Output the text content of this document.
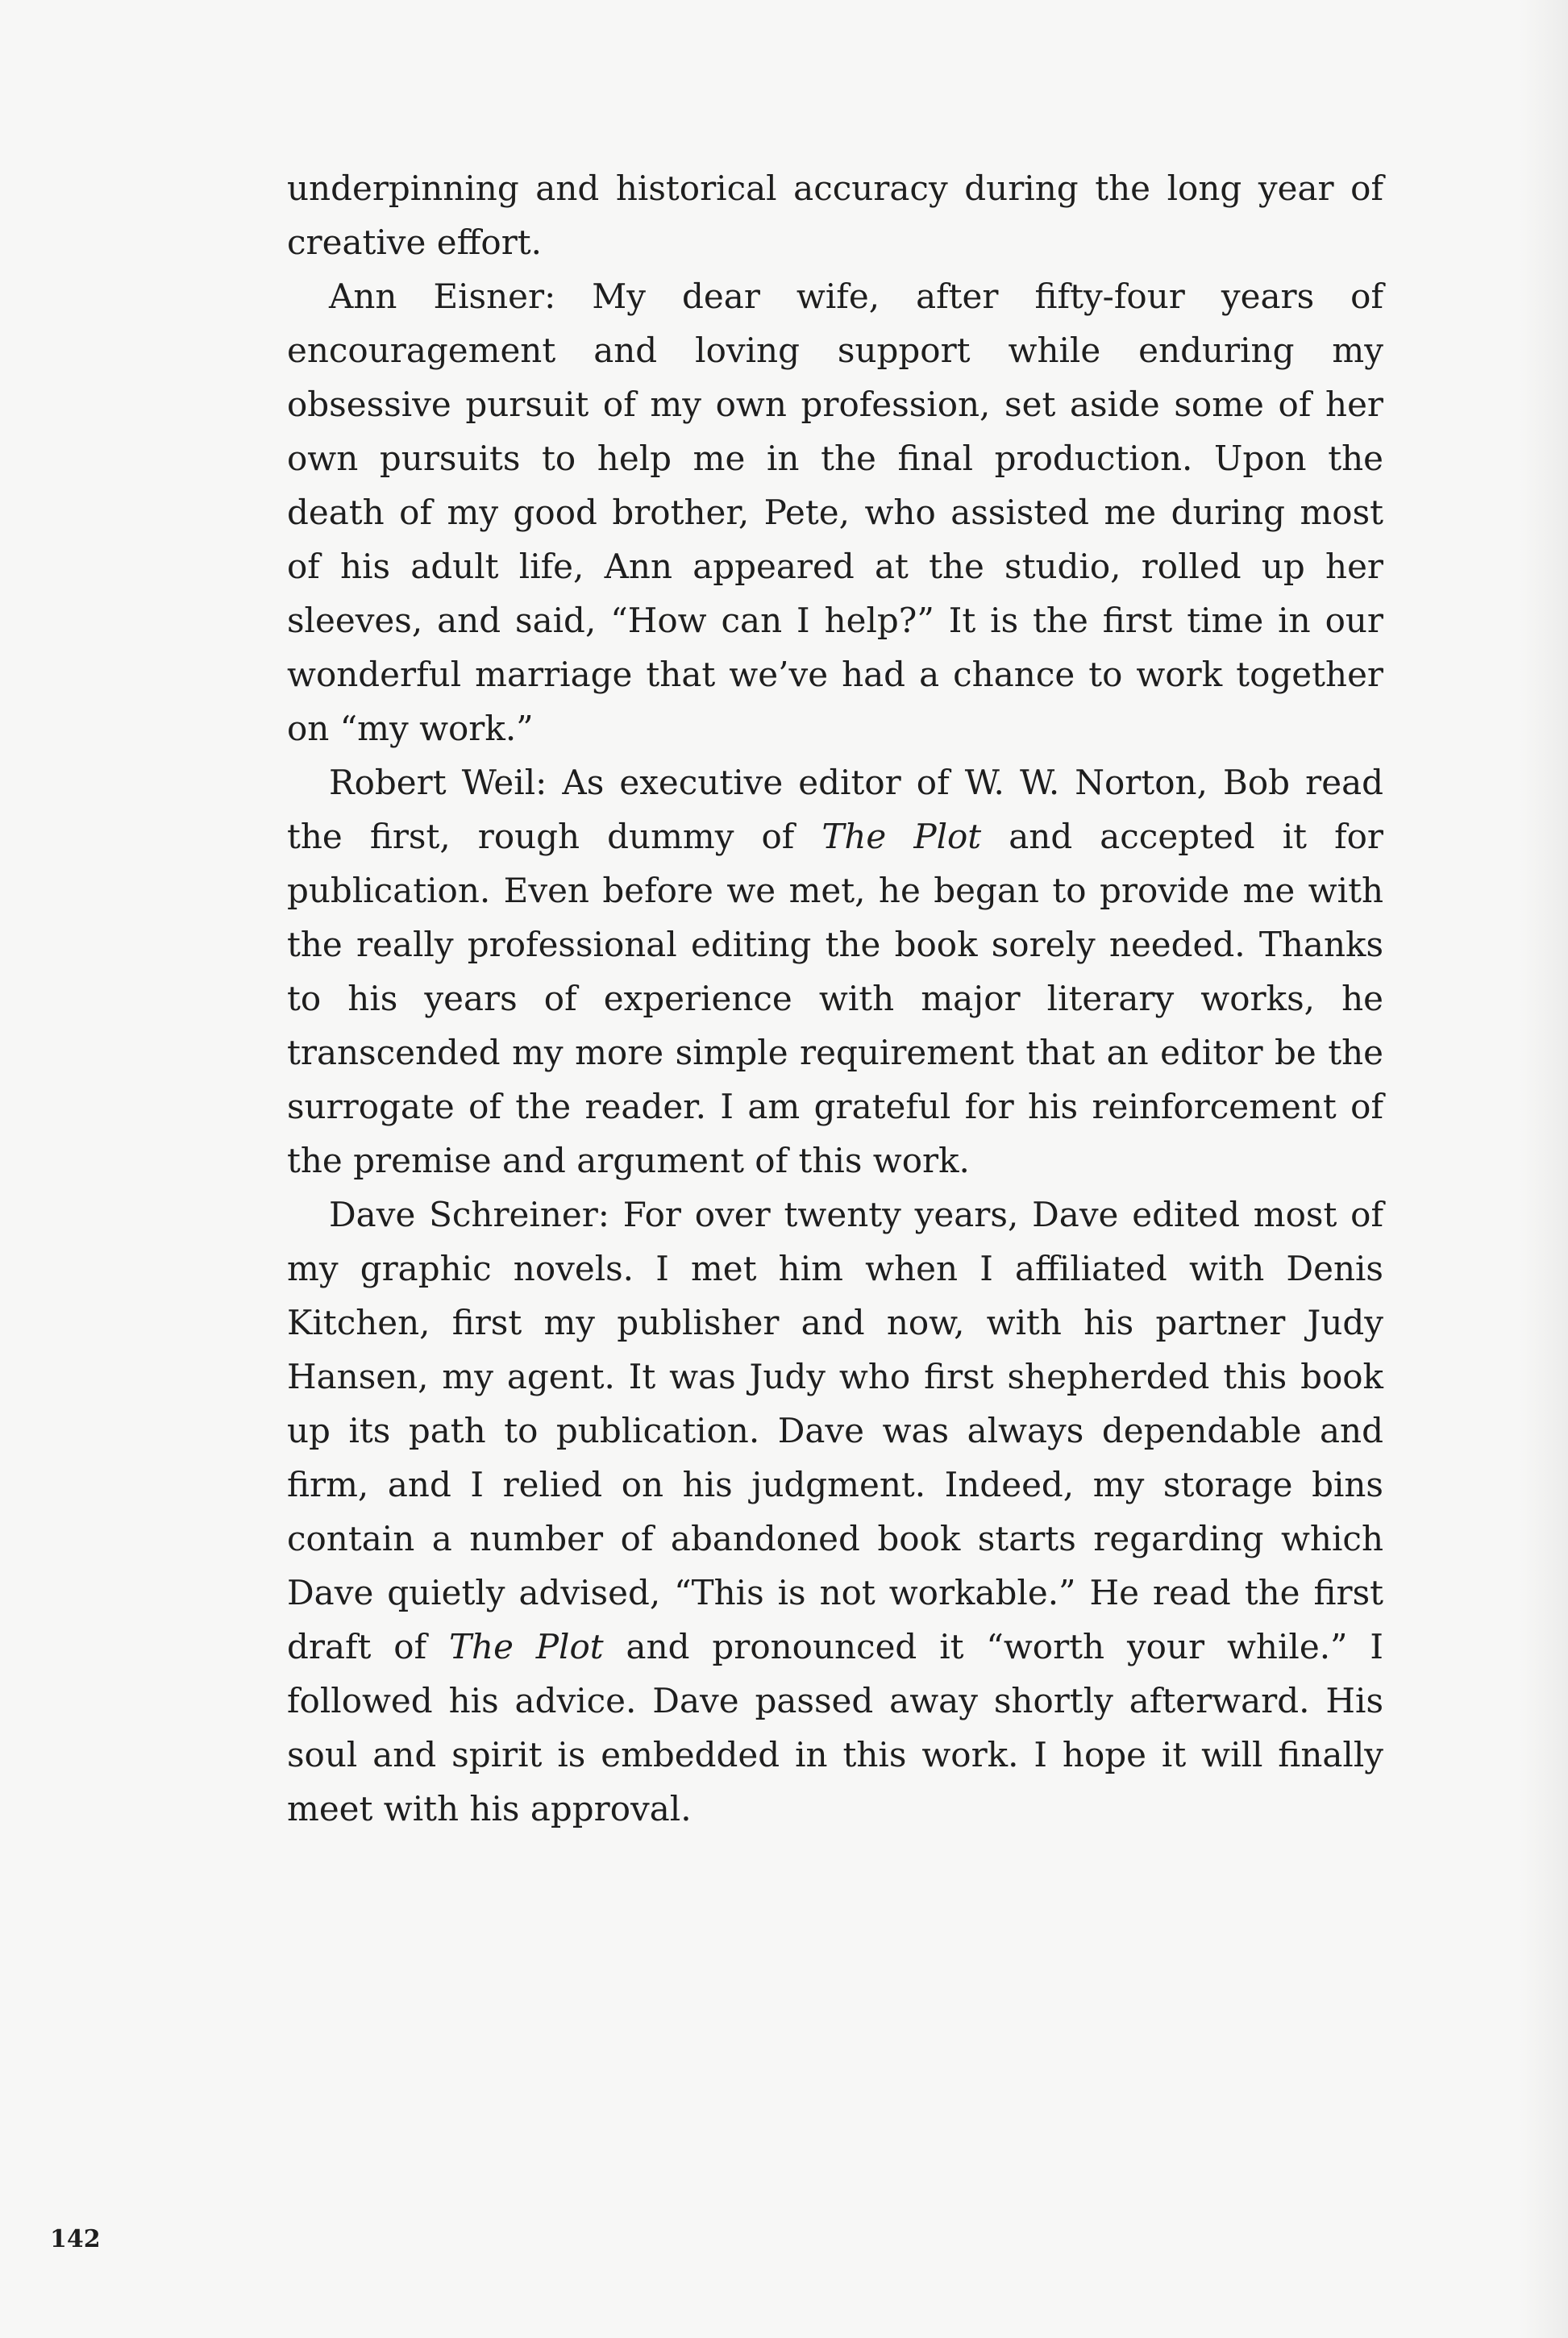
underpinning and historical accuracy during the long year of creative effort.

Ann Eisner: My dear wife, after fifty-four years of encouragement and loving support while enduring my obsessive pursuit of my own profession, set aside some of her own pursuits to help me in the final production. Upon the death of my good brother, Pete, who assisted me during most of his adult life, Ann appeared at the studio, rolled up her sleeves, and said, “How can I help?” It is the first time in our wonderful marriage that we’ve had a chance to work together on “my work.”

Robert Weil: As executive editor of W. W. Norton, Bob read the first, rough dummy of The Plot and accepted it for publication. Even before we met, he began to provide me with the really professional editing the book sorely needed. Thanks to his years of experience with major literary works, he transcended my more simple requirement that an editor be the surrogate of the reader. I am grateful for his reinforcement of the premise and argument of this work.

Dave Schreiner: For over twenty years, Dave edited most of my graphic novels. I met him when I affiliated with Denis Kitchen, first my publisher and now, with his partner Judy Hansen, my agent. It was Judy who first shepherded this book up its path to publication. Dave was always dependable and firm, and I relied on his judgment. Indeed, my storage bins contain a number of abandoned book starts regarding which Dave quietly advised, “This is not workable.” He read the first draft of The Plot and pronounced it “worth your while.” I followed his advice. Dave passed away shortly afterward. His soul and spirit is embedded in this work. I hope it will finally meet with his approval.

142
